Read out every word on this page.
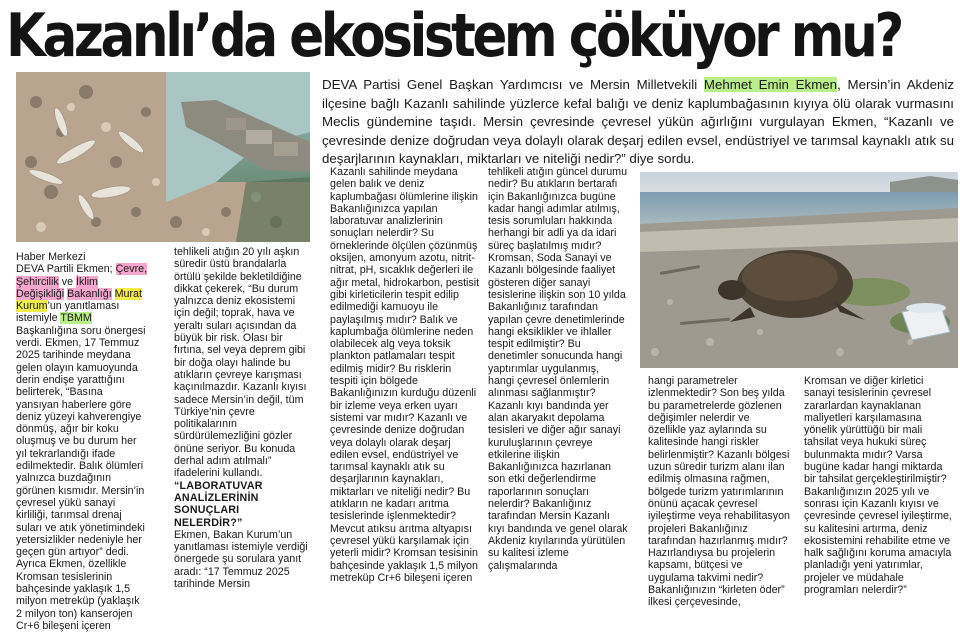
Kazanlı’da ekosistem çöküyor mu?
DEVA Partisi Genel Başkan Yardımcısı ve Mersin Milletvekili Mehmet Emin Ekmen, Mersin’in Akdeniz ilçesine bağlı Kazanlı sahilinde yüzlerce kefal balığı ve deniz kaplumbağasının kıyıya ölü olarak vurmasını Meclis gündemine taşıdı. Mersin çevresinde çevresel yükün ağırlığını vurgulayan Ekmen, “Kazanlı ve çevresinde denize doğrudan veya dolaylı olarak deşarj edilen evsel, endüstriyel ve tarımsal kaynaklı atık su deşarjlarının kaynakları, miktarları ve niteliği nedir?” diye sordu.

Haber Merkezi

DEVA Partili Ekmen; Çevre, Şehircilik ve İklim Değişikliği Bakanlığı Murat Kurum’un yanıtlaması istemiyle TBMM Başkanlığına soru önergesi verdi. Ekmen, 17 Temmuz 2025 tarihinde meydana gelen olayın kamuoyunda derin endişe yarattığını belirterek, “Basına yansıyan haberlere göre deniz yüzeyi kahverengiye dönmüş, ağır bir koku oluşmuş ve bu durum her yıl tekrarlandığı ifade edilmektedir. Balık ölümleri yalnızca buzdağının görünen kısmıdır. Mersin’in çevresel yükü sanayi kirliliği, tarımsal drenaj suları ve atık yönetimindeki yetersizlikler nedeniyle her geçen gün artıyor” dedi. Ayrıca Ekmen, özellikle Kromsan tesislerinin bahçesinde yaklaşık 1,5 milyon metreküp (yaklaşık 2 milyon ton) kanserojen Cr+6 bileşeni içeren

tehlikeli atığın 20 yılı aşkın süredir üstü brandalarla örtülü şekilde bekletildiğine dikkat çekerek, “Bu durum yalnızca deniz ekosistemi için değil; toprak, hava ve yeraltı suları açısından da büyük bir risk. Olası bir fırtına, sel veya deprem gibi bir doğa olayı halinde bu atıkların çevreye karışması kaçınılmazdır. Kazanlı kıyısı sadece Mersin’in değil, tüm Türkiye’nin çevre politikalarının sürdürülemezliğini gözler önüne seriyor. Bu konuda derhal adım atılmalı” ifadelerini kullandı.

“LABORATUVAR ANALİZLERİNİN SONUÇLARI NELERDİR?”

Ekmen, Bakan Kurum’un yanıtlaması istemiyle verdiği önergede şu sorulara yanıt aradı: “17 Temmuz 2025 tarihinde Mersin

Kazanlı sahilinde meydana gelen balık ve deniz kaplumbağası ölümlerine ilişkin Bakanlığınızca yapılan laboratuvar analizlerinin sonuçları nelerdir? Su örneklerinde ölçülen çözünmüş oksijen, amonyum azotu, nitrit-nitrat, pH, sıcaklık değerleri ile ağır metal, hidrokarbon, pestisit gibi kirleticilerin tespit edilip edilmediği kamuoyu ile paylaşılmış mıdır? Balık ve kaplumbağa ölümlerine neden olabilecek alg veya toksik plankton patlamaları tespit edilmiş midir? Bu risklerin tespiti için bölgede Bakanlığınızın kurduğu düzenli bir izleme veya erken uyarı sistemi var mıdır? Kazanlı ve çevresinde denize doğrudan veya dolaylı olarak deşarj edilen evsel, endüstriyel ve tarımsal kaynaklı atık su deşarjlarının kaynakları, miktarları ve niteliği nedir? Bu atıkların ne kadarı arıtma tesislerinde işlenmektedir? Mevcut atıksu arıtma altyapısı çevresel yükü karşılamak için yeterli midir? Kromsan tesisinin bahçesinde yaklaşık 1,5 milyon metreküp Cr+6 bileşeni içeren

tehlikeli atığın güncel durumu nedir? Bu atıkların bertarafı için Bakanlığınızca bugüne kadar hangi adımlar atılmış, tesis sorumluları hakkında herhangi bir adli ya da idari süreç başlatılmış mıdır? Kromsan, Soda Sanayi ve Kazanlı bölgesinde faaliyet gösteren diğer sanayi tesislerine ilişkin son 10 yılda Bakanlığınız tarafından yapılan çevre denetimlerinde hangi eksiklikler ve ihlaller tespit edilmiştir? Bu denetimler sonucunda hangi yaptırımlar uygulanmış, hangi çevresel önlemlerin alınması sağlanmıştır? Kazanlı kıyı bandında yer alan akaryakıt depolama tesisleri ve diğer ağır sanayi kuruluşlarının çevreye etkilerine ilişkin Bakanlığınızca hazırlanan son etki değerlendirme raporlarının sonuçları nelerdir? Bakanlığınız tarafından Mersin Kazanlı kıyı bandında ve genel olarak Akdeniz kıyılarında yürütülen su kalitesi izleme çalışmalarında

hangi parametreler izlenmektedir? Son beş yılda bu parametrelerde gözlenen değişimler nelerdir ve özellikle yaz aylarında su kalitesinde hangi riskler belirlenmiştir? Kazanlı bölgesi uzun süredir turizm alanı ilan edilmiş olmasına rağmen, bölgede turizm yatırımlarının önünü açacak çevresel iyileştirme veya rehabilitasyon projeleri Bakanlığınız tarafından hazırlanmış mıdır? Hazırlandıysa bu projelerin kapsamı, bütçesi ve uygulama takvimi nedir? Bakanlığınızın “kirleten öder” ilkesi çerçevesinde,

Kromsan ve diğer kirletici sanayi tesislerinin çevresel zararlardan kaynaklanan maliyetleri karşılamasına yönelik yürüttüğü bir mali tahsilat veya hukuki süreç bulunmakta mıdır? Varsa bugüne kadar hangi miktarda bir tahsilat gerçekleştirilmiştir? Bakanlığınızın 2025 yılı ve sonrası için Kazanlı kıyısı ve çevresinde çevresel iyileştirme, su kalitesini artırma, deniz ekosistemini rehabilite etme ve halk sağlığını koruma amacıyla planladığı yeni yatırımlar, projeler ve müdahale programları nelerdir?”
